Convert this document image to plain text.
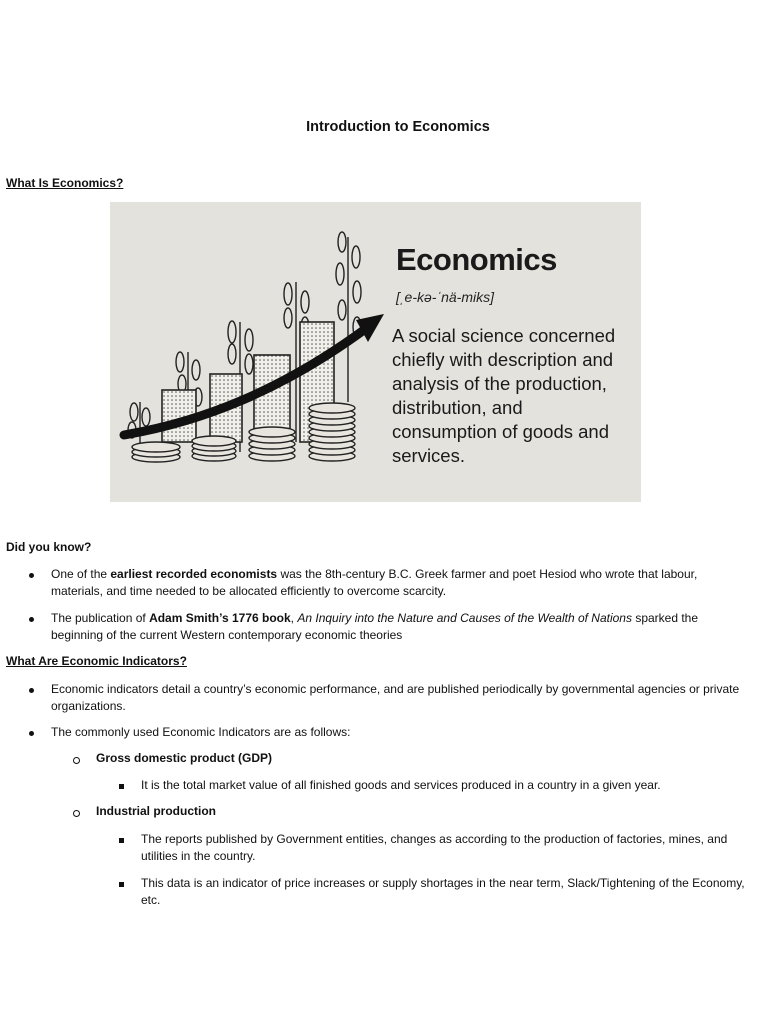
Introduction to Economics
What Is Economics?
Economics
[ˌe-kə-ˈnä-miks]
A social science concerned chiefly with description and analysis of the production, distribution, and consumption of goods and services.
Did you know?

One of the earliest recorded economists was the 8th-century B.C. Greek farmer and poet Hesiod who wrote that labour, materials, and time needed to be allocated efficiently to overcome scarcity.

The publication of Adam Smith’s 1776 book, An Inquiry into the Nature and Causes of the Wealth of Nations sparked the beginning of the current Western contemporary economic theories

What Are Economic Indicators?

Economic indicators detail a country’s economic performance, and are published periodically by governmental agencies or private organizations.

The commonly used Economic Indicators are as follows:

Gross domestic product (GDP)

It is the total market value of all finished goods and services produced in a country in a given year.

Industrial production

The reports published by Government entities, changes as according to the production of factories, mines, and utilities in the country.

This data is an indicator of price increases or supply shortages in the near term, Slack/Tightening of the Economy, etc.
